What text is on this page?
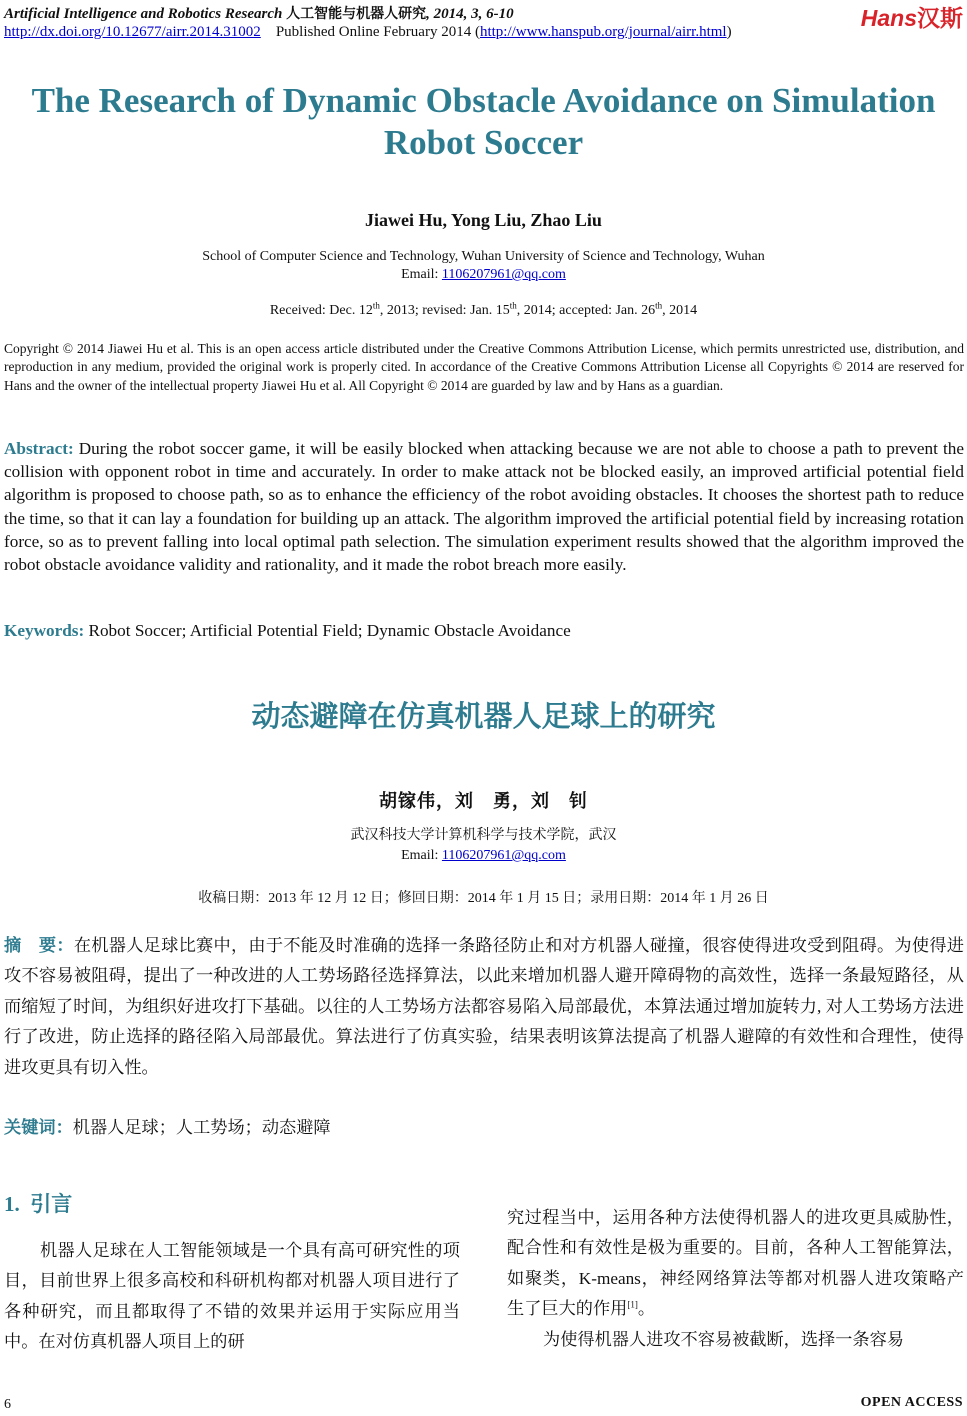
Artificial Intelligence and Robotics Research 人工智能与机器人研究, 2014, 3, 6-10
http://dx.doi.org/10.12677/airr.2014.31002 Published Online February 2014 (http://www.hanspub.org/journal/airr.html)
Hans汉斯
The Research of Dynamic Obstacle Avoidance on Simulation
Robot Soccer
Jiawei Hu, Yong Liu, Zhao Liu
School of Computer Science and Technology, Wuhan University of Science and Technology, Wuhan
Email: 1106207961@qq.com
Received: Dec. 12th, 2013; revised: Jan. 15th, 2014; accepted: Jan. 26th, 2014
Copyright © 2014 Jiawei Hu et al. This is an open access article distributed under the Creative Commons Attribution License, which permits unrestricted use, distribution, and reproduction in any medium, provided the original work is properly cited. In accordance of the Creative Commons Attribution License all Copyrights © 2014 are reserved for Hans and the owner of the intellectual property Jiawei Hu et al. All Copyright © 2014 are guarded by law and by Hans as a guardian.
Abstract: During the robot soccer game, it will be easily blocked when attacking because we are not able to choose a path to prevent the collision with opponent robot in time and accurately. In order to make attack not be blocked easily, an improved artificial potential field algorithm is proposed to choose path, so as to enhance the efficiency of the robot avoiding obstacles. It chooses the shortest path to reduce the time, so that it can lay a foundation for building up an attack. The algorithm improved the artificial potential field by increasing rotation force, so as to prevent falling into local optimal path selection. The simulation experiment results showed that the algorithm improved the robot obstacle avoidance validity and rationality, and it made the robot breach more easily.
Keywords: Robot Soccer; Artificial Potential Field; Dynamic Obstacle Avoidance
动态避障在仿真机器人足球上的研究
胡镓伟，刘　勇，刘　钊
武汉科技大学计算机科学与技术学院，武汉
Email: 1106207961@qq.com
收稿日期：2013 年 12 月 12 日；修回日期：2014 年 1 月 15 日；录用日期：2014 年 1 月 26 日
摘　要：在机器人足球比赛中，由于不能及时准确的选择一条路径防止和对方机器人碰撞，很容使得进攻受到阻碍。为使得进攻不容易被阻碍，提出了一种改进的人工势场路径选择算法，以此来增加机器人避开障碍物的高效性，选择一条最短路径，从而缩短了时间，为组织好进攻打下基础。以往的人工势场方法都容易陷入局部最优，本算法通过增加旋转力, 对人工势场方法进行了改进，防止选择的路径陷入局部最优。算法进行了仿真实验，结果表明该算法提高了机器人避障的有效性和合理性，使得进攻更具有切入性。
关键词：机器人足球；人工势场；动态避障
1. 引言
机器人足球在人工智能领域是一个具有高可研究性的项目，目前世界上很多高校和科研机构都对机器人项目进行了各种研究，而且都取得了不错的效果并运用于实际应用当中。在对仿真机器人项目上的研

究过程当中，运用各种方法使得机器人的进攻更具威胁性，配合性和有效性是极为重要的。目前，各种人工智能算法，如聚类，K-means，神经网络算法等都对机器人进攻策略产生了巨大的作用[1]。

为使得机器人进攻不容易被截断，选择一条容易

6	OPEN ACCESS
